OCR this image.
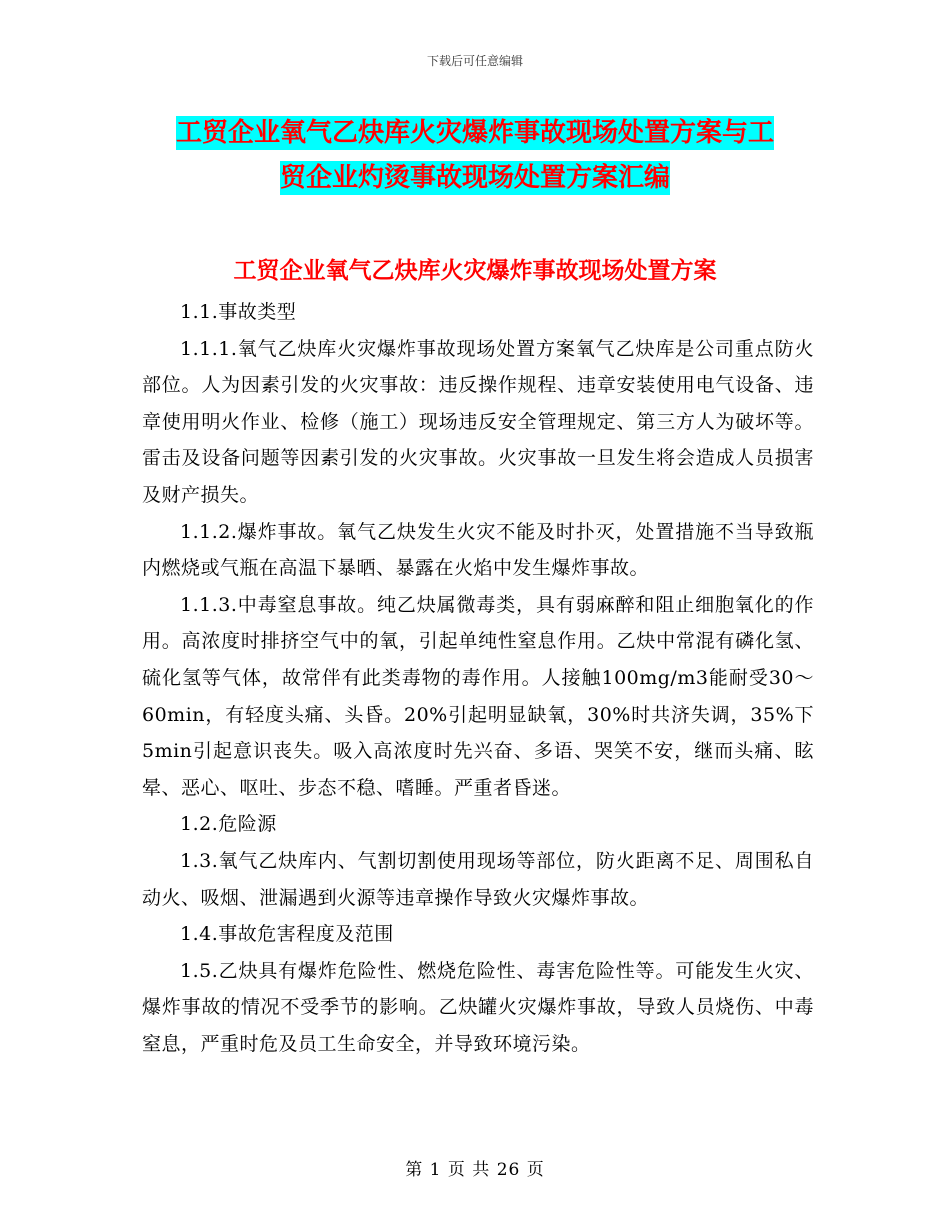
下载后可任意编辑
工贸企业氧气乙炔库火灾爆炸事故现场处置方案与工
贸企业灼烫事故现场处置方案汇编
工贸企业氧气乙炔库火灾爆炸事故现场处置方案

1.1.事故类型

1.1.1.氧气乙炔库火灾爆炸事故现场处置方案氧气乙炔库是公司重点防火部位。人为因素引发的火灾事故：违反操作规程、违章安装使用电气设备、违章使用明火作业、检修（施工）现场违反安全管理规定、第三方人为破坏等。雷击及设备问题等因素引发的火灾事故。火灾事故一旦发生将会造成人员损害及财产损失。

1.1.2.爆炸事故。氧气乙炔发生火灾不能及时扑灭，处置措施不当导致瓶内燃烧或气瓶在高温下暴晒、暴露在火焰中发生爆炸事故。

1.1.3.中毒窒息事故。纯乙炔属微毒类，具有弱麻醉和阻止细胞氧化的作用。高浓度时排挤空气中的氧，引起单纯性窒息作用。乙炔中常混有磷化氢、硫化氢等气体，故常伴有此类毒物的毒作用。人接触100mg/m3能耐受30～60min，有轻度头痛、头昏。20%引起明显缺氧，30%时共济失调，35%下5min引起意识丧失。吸入高浓度时先兴奋、多语、哭笑不安，继而头痛、眩晕、恶心、呕吐、步态不稳、嗜睡。严重者昏迷。

1.2.危险源

1.3.氧气乙炔库内、气割切割使用现场等部位，防火距离不足、周围私自动火、吸烟、泄漏遇到火源等违章操作导致火灾爆炸事故。

1.4.事故危害程度及范围

1.5.乙炔具有爆炸危险性、燃烧危险性、毒害危险性等。可能发生火灾、爆炸事故的情况不受季节的影响。乙炔罐火灾爆炸事故，导致人员烧伤、中毒窒息，严重时危及员工生命安全，并导致环境污染。

第 1 页 共 26 页
